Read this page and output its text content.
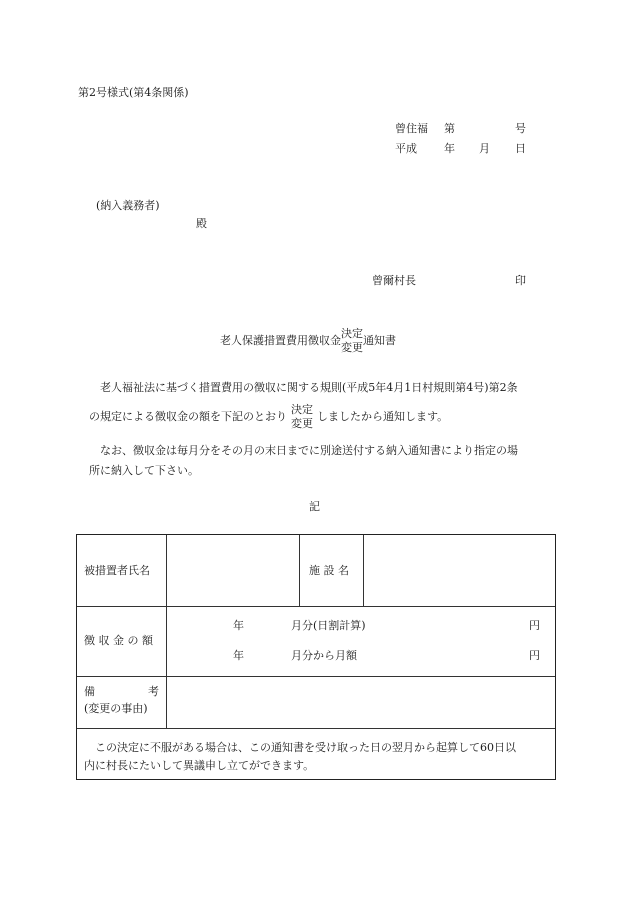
第2号様式(第4条関係)
曾住福 第	号
平成 年 月 日
(納入義務者)
殿
曾爾村長	印
老人保護措置費用徴収金
決定
変更
通知書
老人福祉法に基づく措置費用の徴収に関する規則(平成5年4月1日村規則第4号)第2条
の規定による徴収金の額を下記のとおり
決定
変更
しましたから通知します。
なお、徴収金は毎月分をその月の末日までに別途送付する納入通知書により指定の場
所に納入して下さい。
記
被措置者氏名	施 設 名
徴 収 金 の 額
年	月分(日割計算)	円
年	月分から月額	円
備	考
(変更の事由)
この決定に不服がある場合は、この通知書を受け取った日の翌月から起算して60日以
内に村長にたいして異議申し立てができます。
